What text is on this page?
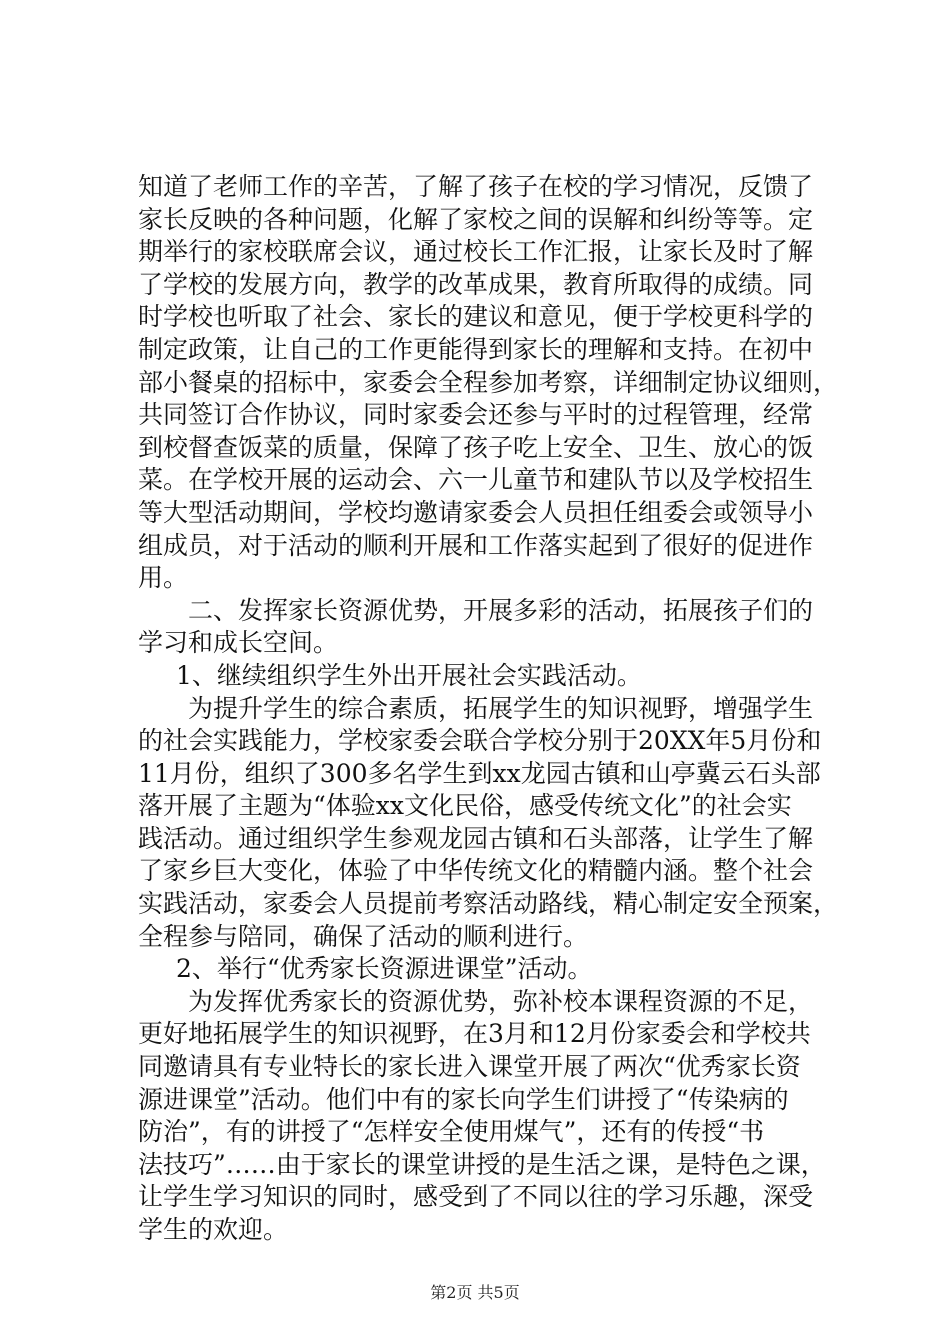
知道了老师工作的辛苦，了解了孩子在校的学习情况，反馈了
家长反映的各种问题，化解了家校之间的误解和纠纷等等。定
期举行的家校联席会议，通过校长工作汇报，让家长及时了解
了学校的发展方向，教学的改革成果，教育所取得的成绩。同
时学校也听取了社会、家长的建议和意见，便于学校更科学的
制定政策，让自己的工作更能得到家长的理解和支持。在初中
部小餐桌的招标中，家委会全程参加考察，详细制定协议细则，
共同签订合作协议，同时家委会还参与平时的过程管理，经常
到校督查饭菜的质量，保障了孩子吃上安全、卫生、放心的饭
菜。在学校开展的运动会、六一儿童节和建队节以及学校招生
等大型活动期间，学校均邀请家委会人员担任组委会或领导小
组成员，对于活动的顺利开展和工作落实起到了很好的促进作
用。
二、发挥家长资源优势，开展多彩的活动，拓展孩子们的
学习和成长空间。
1、继续组织学生外出开展社会实践活动。
为提升学生的综合素质，拓展学生的知识视野，增强学生
的社会实践能力，学校家委会联合学校分别于20XX年5月份和
11月份，组织了300多名学生到xx龙园古镇和山亭冀云石头部
落开展了主题为“体验xx文化民俗，感受传统文化”的社会实
践活动。通过组织学生参观龙园古镇和石头部落，让学生了解
了家乡巨大变化，体验了中华传统文化的精髓内涵。整个社会
实践活动，家委会人员提前考察活动路线，精心制定安全预案，
全程参与陪同，确保了活动的顺利进行。
2、举行“优秀家长资源进课堂”活动。
为发挥优秀家长的资源优势，弥补校本课程资源的不足，
更好地拓展学生的知识视野，在3月和12月份家委会和学校共
同邀请具有专业特长的家长进入课堂开展了两次“优秀家长资
源进课堂”活动。他们中有的家长向学生们讲授了“传染病的
防治”，有的讲授了“怎样安全使用煤气”，还有的传授“书
法技巧”……由于家长的课堂讲授的是生活之课，是特色之课，
让学生学习知识的同时，感受到了不同以往的学习乐趣，深受
学生的欢迎。
第2页 共5页
